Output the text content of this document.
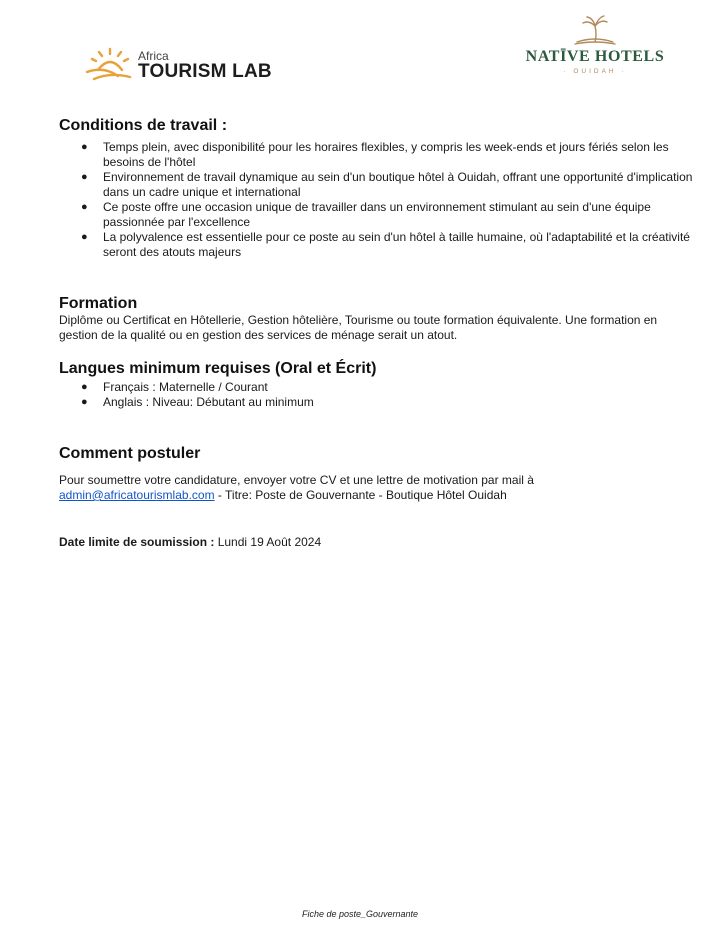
Africa
TOURISM LAB
NATĪVE HOTELS
· OUIDAH ·
Conditions de travail :
● Temps plein, avec disponibilité pour les horaires flexibles, y compris les week-ends et jours fériés selon les besoins de l'hôtel
● Environnement de travail dynamique au sein d'un boutique hôtel à Ouidah, offrant une opportunité d'implication dans un cadre unique et international
● Ce poste offre une occasion unique de travailler dans un environnement stimulant au sein d'une équipe passionnée par l'excellence
● La polyvalence est essentielle pour ce poste au sein d'un hôtel à taille humaine, où l'adaptabilité et la créativité seront des atouts majeurs
Formation

Diplôme ou Certificat en Hôtellerie, Gestion hôtelière, Tourisme ou toute formation équivalente. Une formation en gestion de la qualité ou en gestion des services de ménage serait un atout.

Langues minimum requises (Oral et Écrit)
● Français : Maternelle / Courant
● Anglais : Niveau: Débutant au minimum
Comment postuler

Pour soumettre votre candidature, envoyer votre CV et une lettre de motivation par mail à
admin@africatourismlab.com - Titre: Poste de Gouvernante - Boutique Hôtel Ouidah

Date limite de soumission : Lundi 19 Août 2024

Fiche de poste_Gouvernante
